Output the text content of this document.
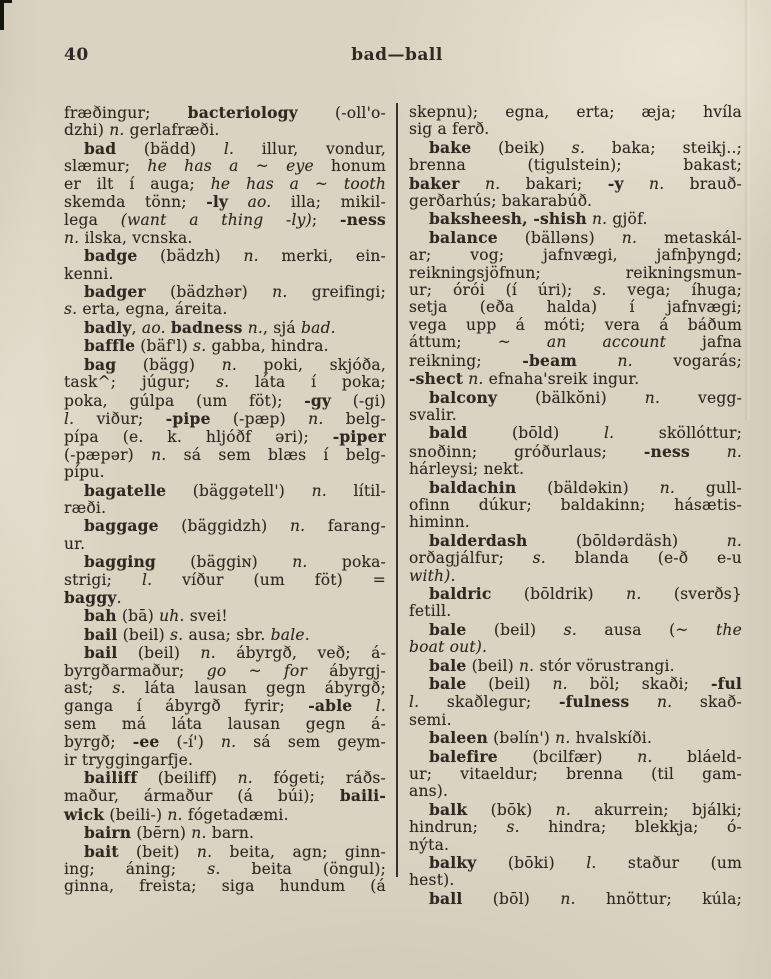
40	bad—ball
fræðingur; bacteriology (-oll'o-
dzhi) n. gerlafræði.
bad (bädd) l. illur, vondur,
slæmur; he has a ~ eye honum
er ilt í auga; he has a ~ tooth
skemda tönn; -ly ao. illa; mikil-
lega (want a thing -ly); -ness
n. ilska, vcnska.
badge (bädzh) n. merki, ein-
kenni.
badger (bädzhər) n. greifingi;
s. erta, egna, áreita.
badly, ao. badness n., sjá bad.
baffle (bäf'l) s. gabba, hindra.
bag (bägg) n. poki, skjóða,
task^; júgur; s. láta í poka;
poka, gúlpa (um föt); -gy (-gi)
l. viður; -pipe (-pæp) n. belg-
pípa (e. k. hljóðf əri); -piper
(-pæpər) n. sá sem blæs í belg-
pípu.
bagatelle (bäggətell') n. lítil-
ræði.
baggage (bäggidzh) n. farang-
ur.
bagging (bäggiɴ) n. poka-
strigi; l. víður (um föt) =
baggy.
bah (bā) uh. svei!
bail (beil) s. ausa; sbr. bale.
bail (beil) n. ábyrgð, veð; á-
byrgðarmaður; go ~ for ábyrgj-
ast; s. láta lausan gegn ábyrgð;
ganga í ábyrgð fyrir; -able l.
sem má láta lausan gegn á-
byrgð; -ee (-í') n. sá sem geym-
ir tryggingarfje.
bailiff (beiliff) n. fógeti; ráðs-
maður, ármaður (á búi); baili-
wick (beili-) n. fógetadæmi.
bairn (bērn) n. barn.
bait (beit) n. beita, agn; ginn-
ing; áning; s. beita (öngul);
ginna, freista; siga hundum (á
skepnu); egna, erta; æja; hvíla
sig a ferð.
bake (beik) s. baka; steikj..;
brenna (tigulstein); bakast;
baker n. bakari; -y n. brauð-
gerðarhús; bakarabúð.
baksheesh, -shish n. gjöf.
balance (bälləns) n. metaskál-
ar; vog; jafnvægi, jafnþyngd;
reikningsjöfnun; reikningsmun-
ur; órói (í úri); s. vega; íhuga;
setja (eða halda) í jafnvægi;
vega upp á móti; vera á báðum
áttum; ~ an account jafna
reikning; -beam	n. vogarás;
-shect n. efnaha'sreik ingur.
balcony (bälkŏni) n. vegg-
svalir.
bald (bōld) l. sköllóttur;
snoðinn; gróðurlaus; -ness n.
hárleysi; nekt.
baldachin (bäldəkin) n. gull-
ofinn dúkur; baldakinn; hásætis-
himinn.
balderdash (bōldərdäsh) n.
orðagjálfur; s. blanda (e-ð e-u
with).
baldric (bōldrik) n. (sverðs}
fetill.
bale (beil) s. ausa (~ the
boat out).
bale (beil) n. stór vörustrangi.
bale (beil) n. böl; skaði; -ful
l. skaðlegur; -fulness n. skað-
semi.
baleen (bəlín') n. hvalskíði.
balefire (bcilfær) n. bláeld-
ur; vitaeldur; brenna (til gam-
ans).
balk (bōk) n. akurrein; bjálki;
hindrun; s. hindra; blekkja; ó-
nýta.
balky (bōki) l. staður (um
hest).
ball (bōl) n. hnöttur; kúla;
